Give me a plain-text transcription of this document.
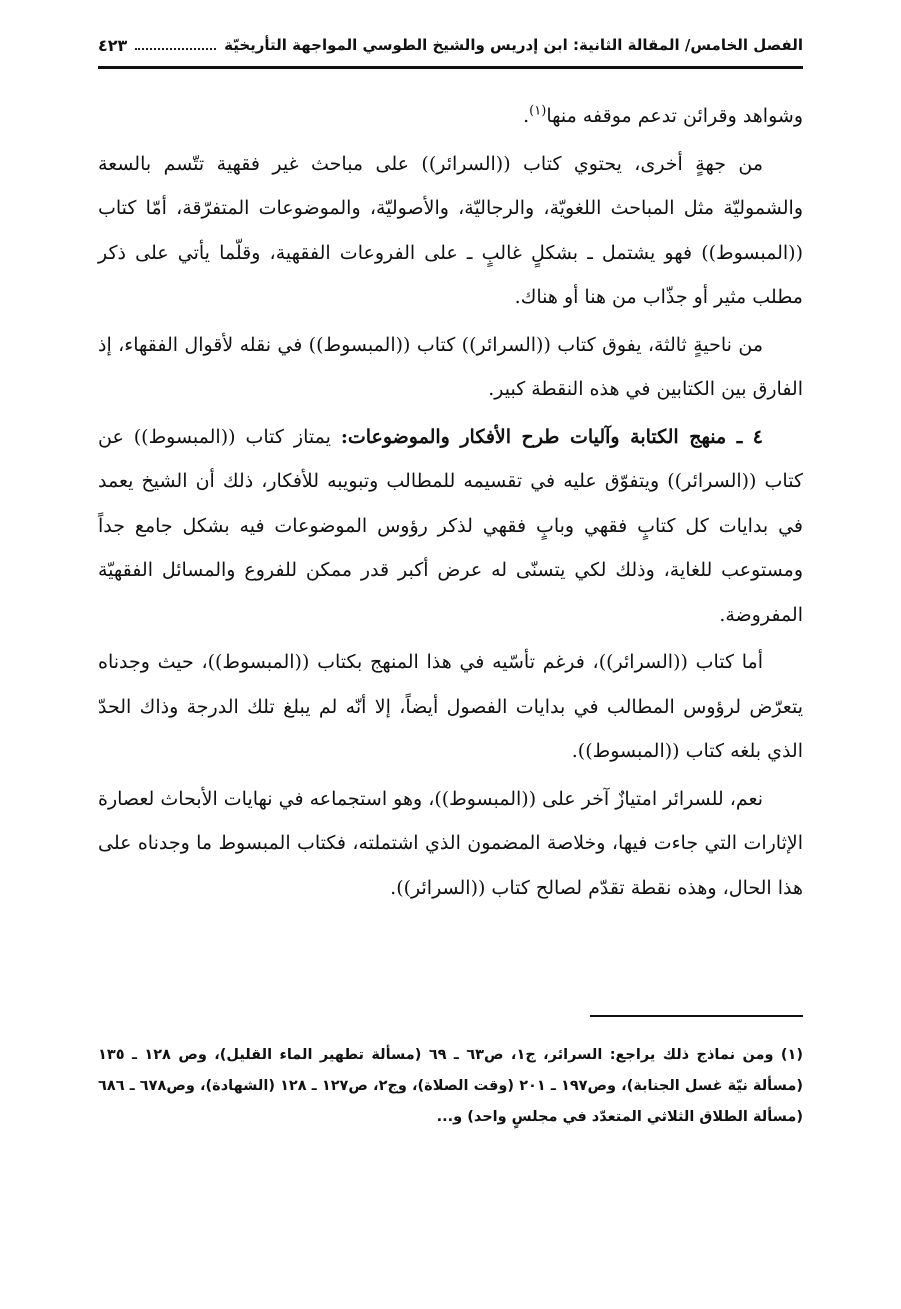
الفصل الخامس/ المقالة الثانية: ابن إدريس والشيخ الطوسي المواجهة التأريخيّة
٤٢٣

وشواهد وقرائن تدعم موقفه منها$^{(١)}$.

من جهةٍ أخرى، يحتوي كتاب ((السرائر)) على مباحث غير فقهية تتّسم بالسعة والشموليّة مثل المباحث اللغويّة، والرجاليّة، والأصوليّة، والموضوعات المتفرّقة، أمّا كتاب ((المبسوط)) فهو يشتمل ـ بشكلٍ غالبٍ ـ على الفروعات الفقهية، وقلّما يأتي على ذكر مطلب مثير أو جذّاب من هنا أو هناك.

من ناحيةٍ ثالثة، يفوق كتاب ((السرائر)) كتاب ((المبسوط)) في نقله لأقوال الفقهاء، إذ الفارق بين الكتابين في هذه النقطة كبير.

٤ ـ منهج الكتابة وآليات طرح الأفكار والموضوعات: يمتاز كتاب ((المبسوط)) عن كتاب ((السرائر)) ويتفوّق عليه في تقسيمه للمطالب وتبويبه للأفكار، ذلك أن الشيخ يعمد في بدايات كل كتابٍ فقهي وبابٍ فقهي لذكر رؤوس الموضوعات فيه بشكل جامع جداً ومستوعب للغاية، وذلك لكي يتسنّى له عرض أكبر قدر ممكن للفروع والمسائل الفقهيّة المفروضة.

أما كتاب ((السرائر))، فرغم تأسّيه في هذا المنهج بكتاب ((المبسوط))، حيث وجدناه يتعرّض لرؤوس المطالب في بدايات الفصول أيضاً، إلا أنّه لم يبلغ تلك الدرجة وذاك الحدّ الذي بلغه كتاب ((المبسوط)).

نعم، للسرائر امتيازٌ آخر على ((المبسوط))، وهو استجماعه في نهايات الأبحاث لعصارة الإثارات التي جاءت فيها، وخلاصة المضمون الذي اشتملته، فكتاب المبسوط ما وجدناه على هذا الحال، وهذه نقطة تقدّم لصالح كتاب ((السرائر)).

(١) ومن نماذج ذلك يراجع: السرائر، ج١، ص٦٣ ـ ٦٩ (مسألة تطهير الماء القليل)، وص ١٢٨ ـ ١٣٥ (مسألة نيّة غسل الجنابة)، وص١٩٧ ـ ٢٠١ (وقت الصلاة)، وج٢، ص١٢٧ ـ ١٢٨ (الشهادة)، وص٦٧٨ ـ ٦٨٦ (مسألة الطلاق الثلاثي المتعدّد في مجلسٍ واحد) و...
